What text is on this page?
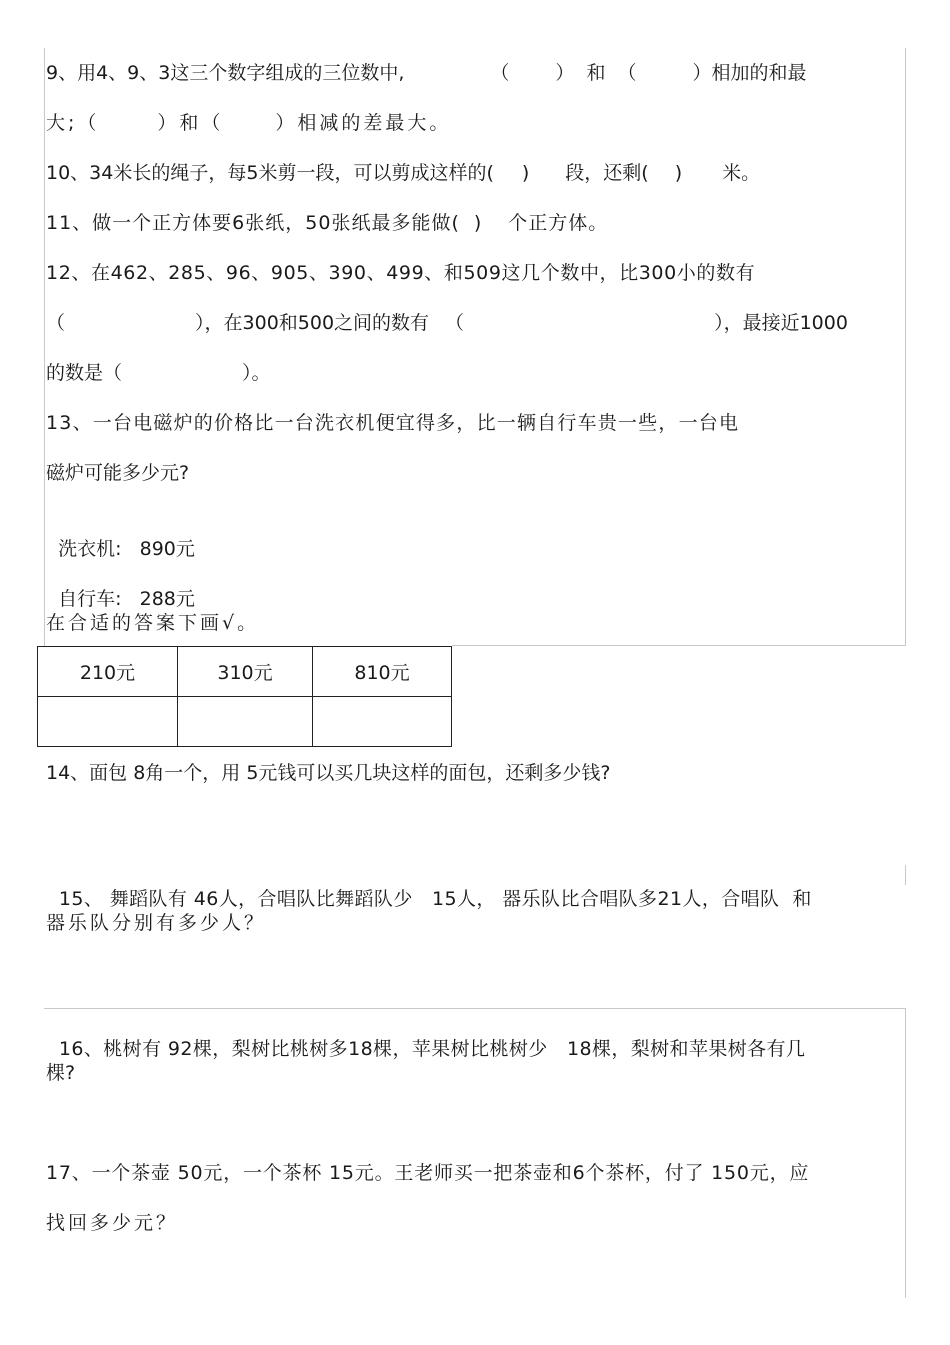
9、用4、9、3这三个数字组成的三位数中,	（ ） 和 （	）相加的和最
大;（	）和（	）相减的差最大。
10、34米长的绳子，每5米剪一段，可以剪成这样的( ) 段，还剩( ) 米。
11、做一个正方体要6张纸，50张纸最多能做( ) 个正方体。
12、在462、285、96、905、390、499、和509这几个数中，比300小的数有
（	），在300和500之间的数有 （	），最接近1000
的数是（	）。
13、一台电磁炉的价格比一台洗衣机便宜得多，比一辆自行车贵一些，一台电
磁炉可能多少元?

洗衣机:   890元

自行车:   288元

在合适的答案下画√。
210元	310元	810元

14、面包 8角一个，用 5元钱可以买几块这样的面包，还剩多少钱?

15、 舞蹈队有 46人，合唱队比舞蹈队少   15人， 器乐队比合唱队多21人，合唱队  和

器乐队分别有多少人？

16、桃树有 92棵，梨树比桃树多18棵，苹果树比桃树少   18棵，梨树和苹果树各有几

棵?
17、一个茶壶 50元，一个茶杯 15元。王老师买一把茶壶和6个茶杯，付了 150元，应
找回多少元？
